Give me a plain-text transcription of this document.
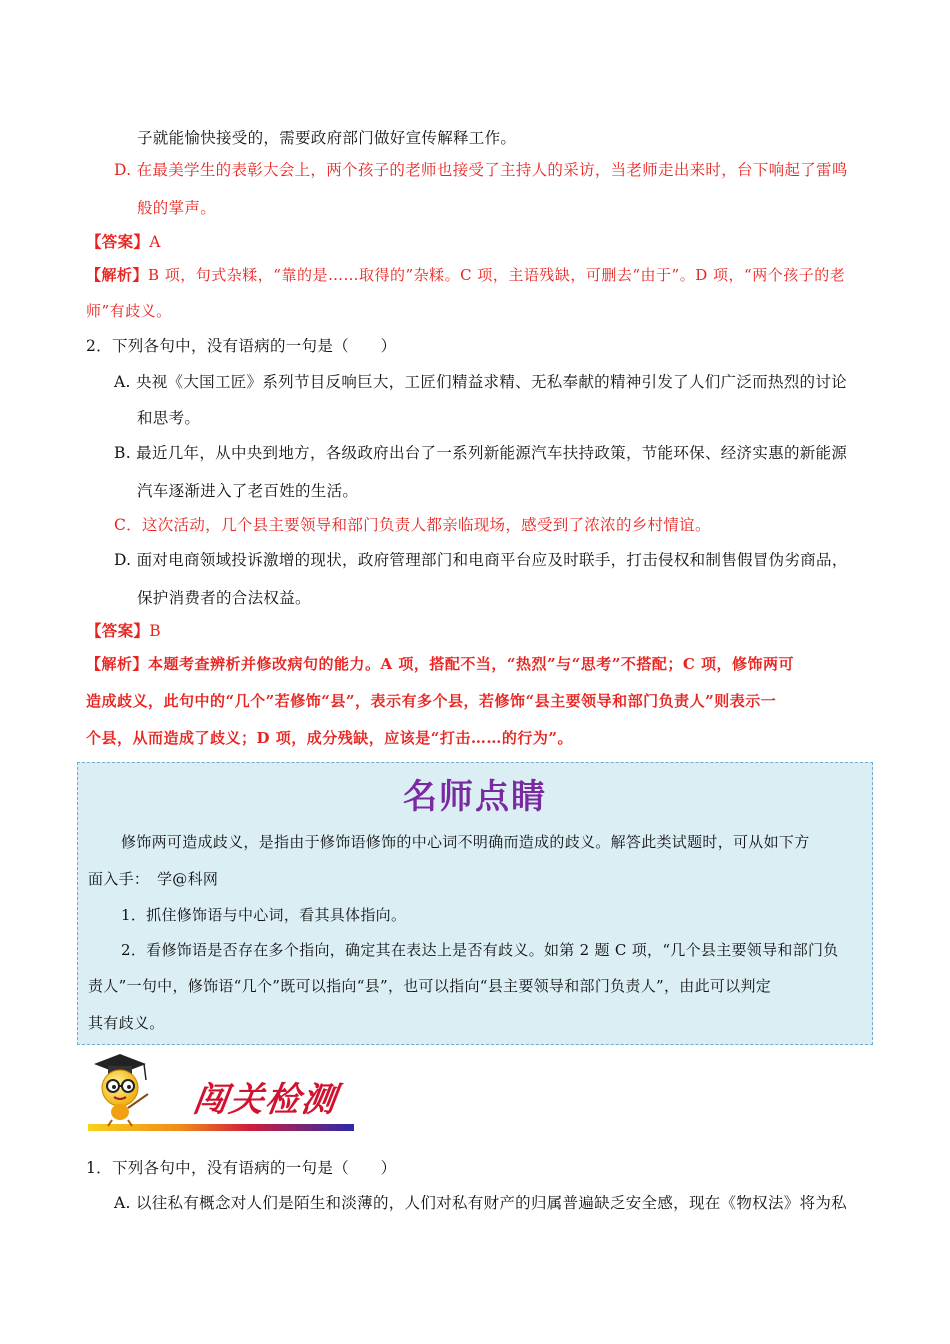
子就能愉快接受的，需要政府部门做好宣传解释工作。
D. 在最美学生的表彰大会上，两个孩子的老师也接受了主持人的采访，当老师走出来时，台下响起了雷鸣
般的掌声。
【答案】A
【解析】B 项，句式杂糅，“靠的是……取得的”杂糅。C 项，主语残缺，可删去“由于”。D 项，“两个孩子的老
师”有歧义。
2．下列各句中，没有语病的一句是（　　）
A. 央视《大国工匠》系列节目反响巨大，工匠们精益求精、无私奉献的精神引发了人们广泛而热烈的讨论
和思考。
B. 最近几年，从中央到地方，各级政府出台了一系列新能源汽车扶持政策，节能环保、经济实惠的新能源
汽车逐渐进入了老百姓的生活。
C．这次活动，几个县主要领导和部门负责人都亲临现场，感受到了浓浓的乡村情谊。
D. 面对电商领域投诉激增的现状，政府管理部门和电商平台应及时联手，打击侵权和制售假冒伪劣商品，
保护消费者的合法权益。
【答案】B
【解析】本题考查辨析并修改病句的能力。A 项，搭配不当，“热烈”与“思考”不搭配；C 项，修饰两可
造成歧义，此句中的“几个”若修饰“县”，表示有多个县，若修饰“县主要领导和部门负责人”则表示一
个县，从而造成了歧义；D 项，成分残缺，应该是“打击……的行为”。
名师点睛
修饰两可造成歧义，是指由于修饰语修饰的中心词不明确而造成的歧义。解答此类试题时，可从如下方
面入手：　学@科网
1．抓住修饰语与中心词，看其具体指向。
2．看修饰语是否存在多个指向，确定其在表达上是否有歧义。如第 2 题 C 项，“几个县主要领导和部门负
责人”一句中，修饰语“几个”既可以指向“县”，也可以指向“县主要领导和部门负责人”，由此可以判定
其有歧义。
闯关检测
1．下列各句中，没有语病的一句是（　　）
A. 以往私有概念对人们是陌生和淡薄的，人们对私有财产的归属普遍缺乏安全感，现在《物权法》将为私
